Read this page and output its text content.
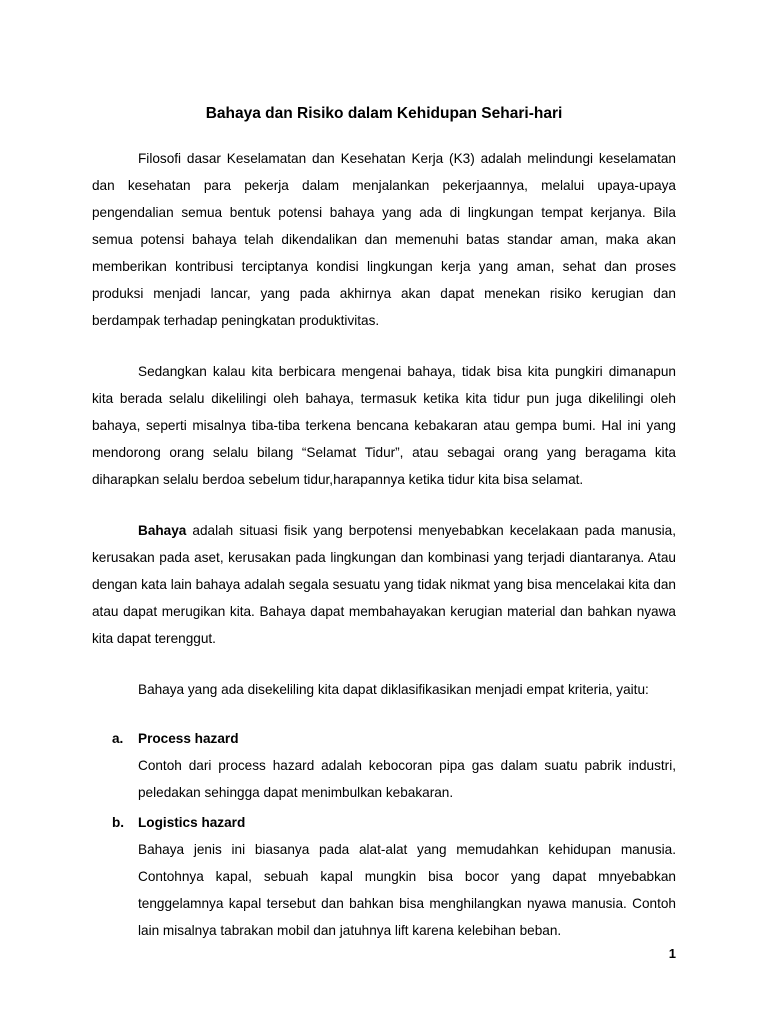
Bahaya dan Risiko dalam Kehidupan Sehari-hari

Filosofi dasar Keselamatan dan Kesehatan Kerja (K3) adalah melindungi keselamatan dan kesehatan para pekerja dalam menjalankan pekerjaannya, melalui upaya-upaya pengendalian semua bentuk potensi bahaya yang ada di lingkungan tempat kerjanya. Bila semua potensi bahaya telah dikendalikan dan memenuhi batas standar aman, maka akan memberikan kontribusi terciptanya kondisi lingkungan kerja yang aman, sehat dan proses produksi menjadi lancar, yang pada akhirnya akan dapat menekan risiko kerugian dan berdampak terhadap peningkatan produktivitas.

Sedangkan kalau kita berbicara mengenai bahaya, tidak bisa kita pungkiri dimanapun kita berada selalu dikelilingi oleh bahaya, termasuk ketika kita tidur pun juga dikelilingi oleh bahaya, seperti misalnya tiba-tiba terkena bencana kebakaran atau gempa bumi. Hal ini yang mendorong orang selalu bilang “Selamat Tidur”, atau sebagai orang yang beragama kita diharapkan selalu berdoa sebelum tidur,harapannya ketika tidur kita bisa selamat.

Bahaya adalah situasi fisik yang berpotensi menyebabkan kecelakaan pada manusia, kerusakan pada aset, kerusakan pada lingkungan dan kombinasi yang terjadi diantaranya. Atau dengan kata lain bahaya adalah segala sesuatu yang tidak nikmat yang bisa mencelakai kita dan atau dapat merugikan kita. Bahaya dapat membahayakan kerugian material dan bahkan nyawa kita dapat terenggut.

Bahaya yang ada disekeliling kita dapat diklasifikasikan menjadi empat kriteria, yaitu:

a. Process hazard

Contoh dari process hazard adalah kebocoran pipa gas dalam suatu pabrik industri, peledakan sehingga dapat menimbulkan kebakaran.

b. Logistics hazard

Bahaya jenis ini biasanya pada alat-alat yang memudahkan kehidupan manusia. Contohnya kapal, sebuah kapal mungkin bisa bocor yang dapat mnyebabkan tenggelamnya kapal tersebut dan bahkan bisa menghilangkan nyawa manusia. Contoh lain misalnya tabrakan mobil dan jatuhnya lift karena kelebihan beban.

1
